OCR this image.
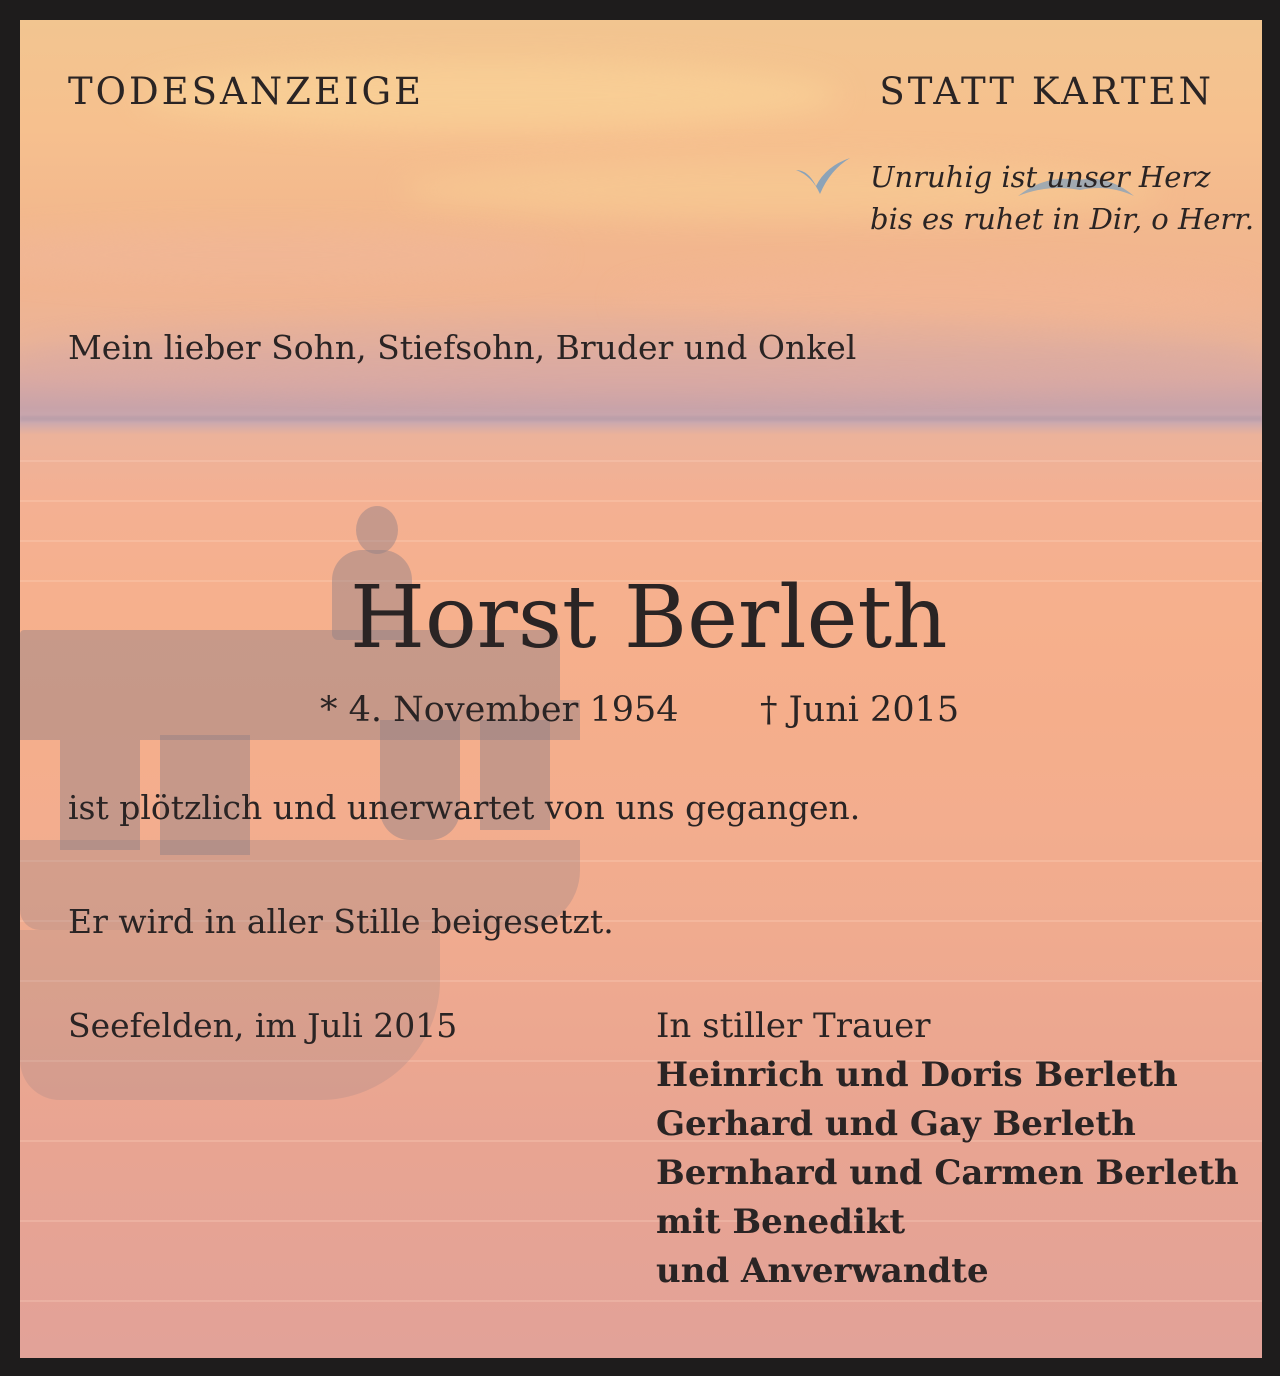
TODESANZEIGE	STATT KARTEN
Unruhig ist unser Herz
bis es ruhet in Dir, o Herr.
Mein lieber Sohn, Stiefsohn, Bruder und Onkel
Horst Berleth
* 4. November 1954 † Juni 2015
ist plötzlich und unerwartet von uns gegangen.
Er wird in aller Stille beigesetzt.
Seefelden, im Juli 2015	In stiller Trauer
Heinrich und Doris Berleth
Gerhard und Gay Berleth
Bernhard und Carmen Berleth
mit Benedikt
und Anverwandte
